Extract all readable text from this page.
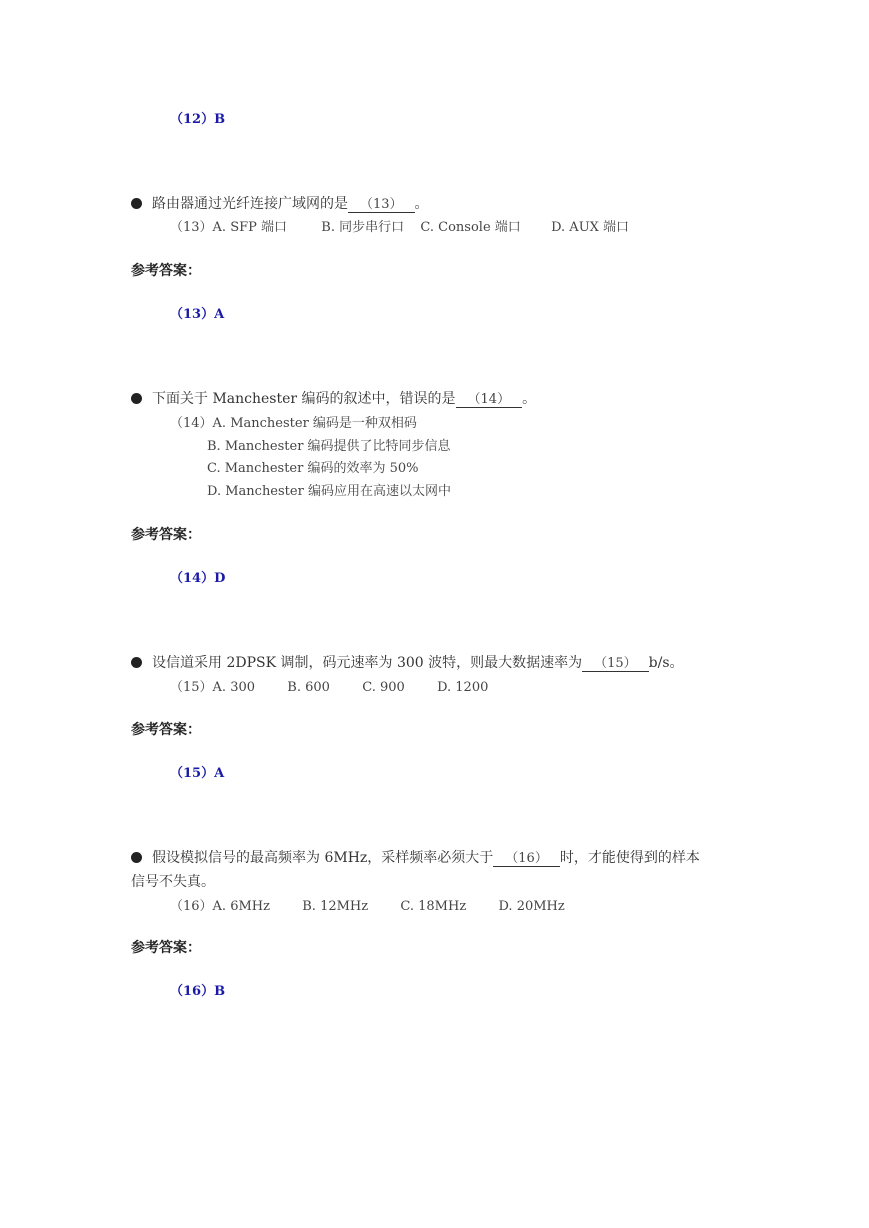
（12）B
路由器通过光纤连接广域网的是 （13） 。
（13）A. SFP 端口	B. 同步串行口 C. Console 端口 D. AUX 端口
参考答案：
（13）A
下面关于 Manchester 编码的叙述中，错误的是 （14） 。
（14）A. Manchester 编码是一种双相码
B. Manchester 编码提供了比特同步信息
C. Manchester 编码的效率为 50%
D. Manchester 编码应用在高速以太网中
参考答案：
（14）D
设信道采用 2DPSK 调制，码元速率为 300 波特，则最大数据速率为 （15） b/s。
（15）A. 300 B. 600 C. 900 D. 1200
参考答案：
（15）A
假设模拟信号的最高频率为 6MHz，采样频率必须大于 （16） 时，才能使得到的样本
信号不失真。
（16）A. 6MHz B. 12MHz C. 18MHz D. 20MHz
参考答案：
（16）B
